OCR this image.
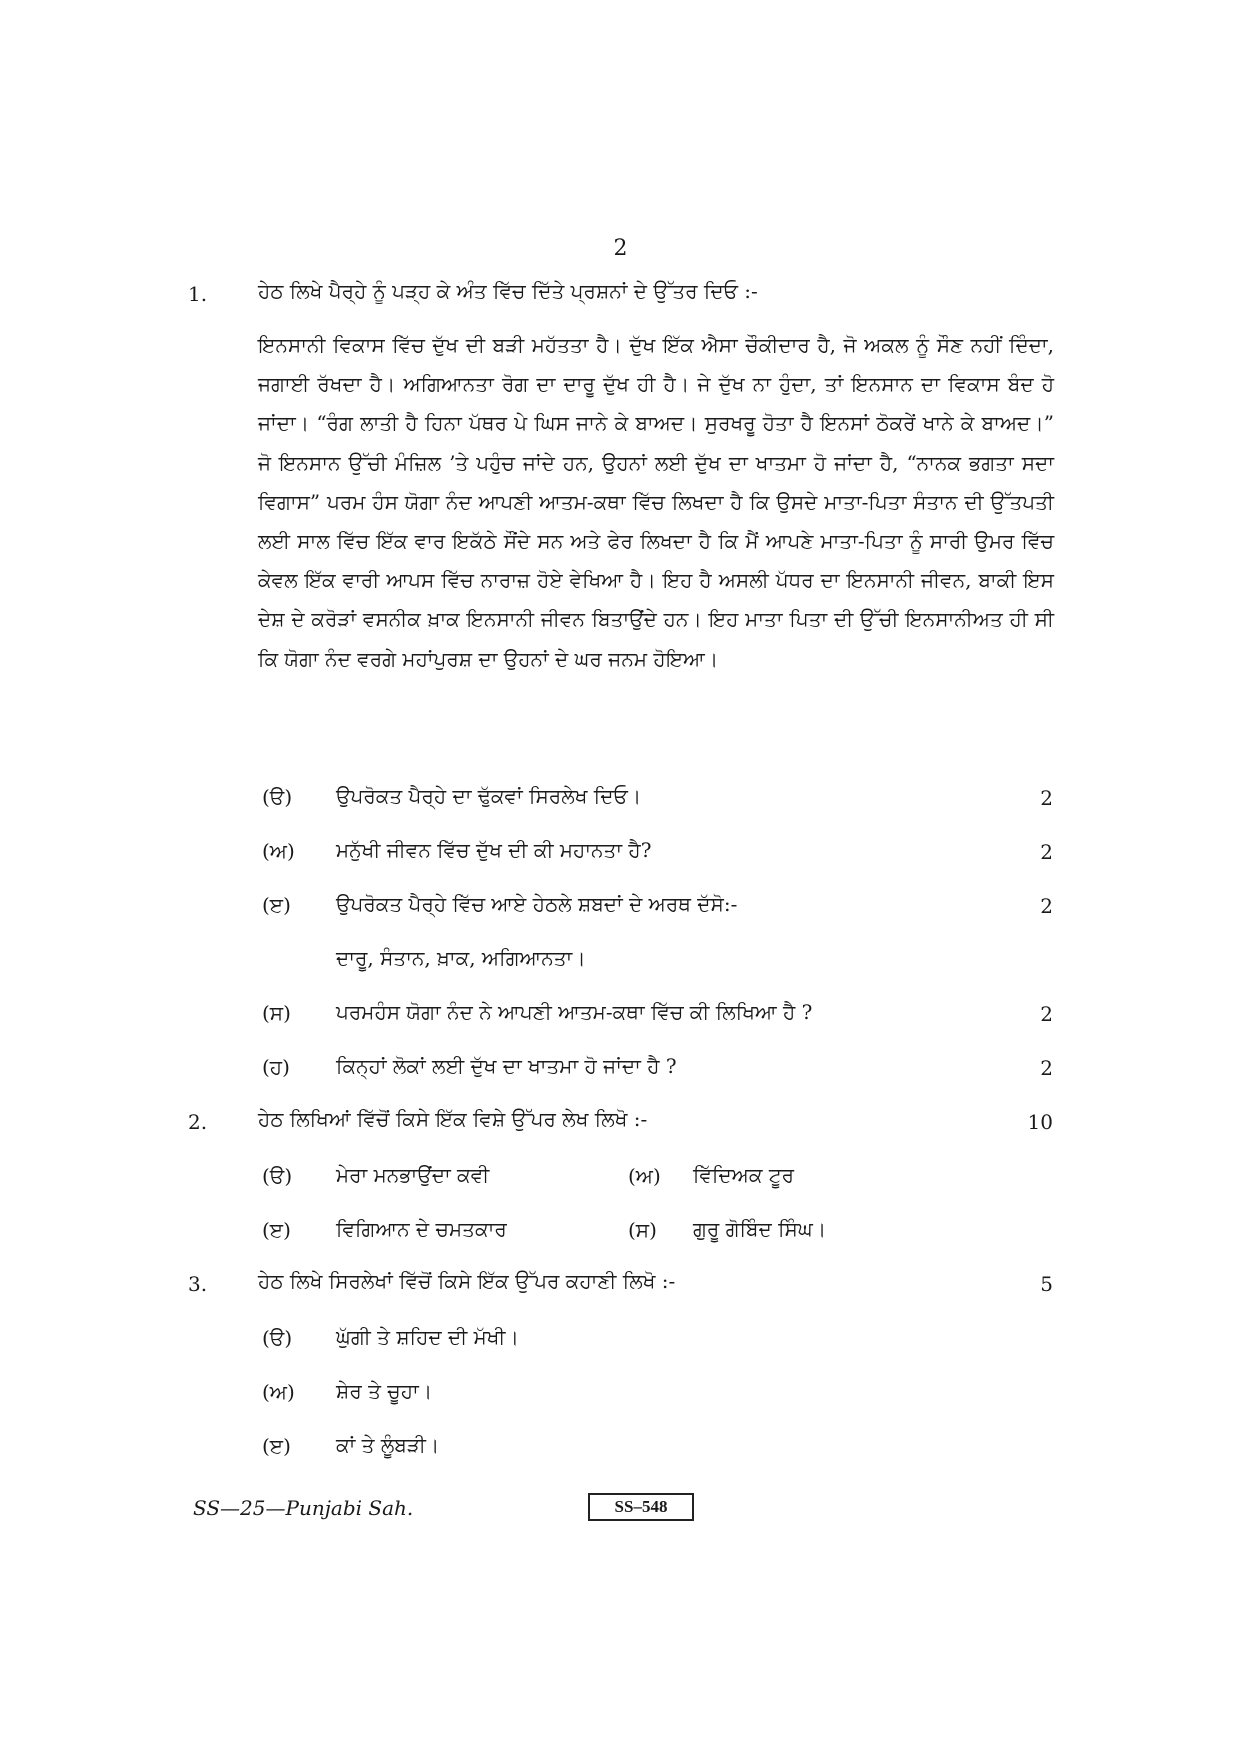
2
1.	ਹੇਠ ਲਿਖੇ ਪੈਰ੍ਹੇ ਨੂੰ ਪੜ੍ਹ ਕੇ ਅੰਤ ਵਿੱਚ ਦਿੱਤੇ ਪ੍ਰਸ਼ਨਾਂ ਦੇ ਉੱਤਰ ਦਿਓ :-

ਇਨਸਾਨੀ ਵਿਕਾਸ ਵਿੱਚ ਦੁੱਖ ਦੀ ਬੜੀ ਮਹੱਤਤਾ ਹੈ। ਦੁੱਖ ਇੱਕ ਐਸਾ ਚੌਕੀਦਾਰ ਹੈ, ਜੋ ਅਕਲ ਨੂੰ ਸੌਣ ਨਹੀਂ ਦਿੰਦਾ, ਜਗਾਈ ਰੱਖਦਾ ਹੈ। ਅਗਿਆਨਤਾ ਰੋਗ ਦਾ ਦਾਰੂ ਦੁੱਖ ਹੀ ਹੈ। ਜੇ ਦੁੱਖ ਨਾ ਹੁੰਦਾ, ਤਾਂ ਇਨਸਾਨ ਦਾ ਵਿਕਾਸ ਬੰਦ ਹੋ ਜਾਂਦਾ। “ਰੰਗ ਲਾਤੀ ਹੈ ਹਿਨਾ ਪੱਥਰ ਪੇ ਘਿਸ ਜਾਨੇ ਕੇ ਬਾਅਦ। ਸੁਰਖਰੂ ਹੋਤਾ ਹੈ ਇਨਸਾਂ ਠੋਕਰੇਂ ਖਾਨੇ ਕੇ ਬਾਅਦ।” ਜੋ ਇਨਸਾਨ ਉੱਚੀ ਮੰਜ਼ਿਲ ’ਤੇ ਪਹੁੰਚ ਜਾਂਦੇ ਹਨ, ਉਹਨਾਂ ਲਈ ਦੁੱਖ ਦਾ ਖਾਤਮਾ ਹੋ ਜਾਂਦਾ ਹੈ, “ਨਾਨਕ ਭਗਤਾ ਸਦਾ ਵਿਗਾਸ” ਪਰਮ ਹੰਸ ਯੋਗਾ ਨੰਦ ਆਪਣੀ ਆਤਮ-ਕਥਾ ਵਿੱਚ ਲਿਖਦਾ ਹੈ ਕਿ ਉਸਦੇ ਮਾਤਾ-ਪਿਤਾ ਸੰਤਾਨ ਦੀ ਉੱਤਪਤੀ ਲਈ ਸਾਲ ਵਿੱਚ ਇੱਕ ਵਾਰ ਇਕੱਠੇ ਸੌਂਦੇ ਸਨ ਅਤੇ ਫੇਰ ਲਿਖਦਾ ਹੈ ਕਿ ਮੈਂ ਆਪਣੇ ਮਾਤਾ-ਪਿਤਾ ਨੂੰ ਸਾਰੀ ਉਮਰ ਵਿੱਚ ਕੇਵਲ ਇੱਕ ਵਾਰੀ ਆਪਸ ਵਿੱਚ ਨਾਰਾਜ਼ ਹੋਏ ਵੇਖਿਆ ਹੈ। ਇਹ ਹੈ ਅਸਲੀ ਪੱਧਰ ਦਾ ਇਨਸਾਨੀ ਜੀਵਨ, ਬਾਕੀ ਇਸ ਦੇਸ਼ ਦੇ ਕਰੋੜਾਂ ਵਸਨੀਕ ਖ਼ਾਕ ਇਨਸਾਨੀ ਜੀਵਨ ਬਿਤਾਉਂਦੇ ਹਨ। ਇਹ ਮਾਤਾ ਪਿਤਾ ਦੀ ਉੱਚੀ ਇਨਸਾਨੀਅਤ ਹੀ ਸੀ ਕਿ ਯੋਗਾ ਨੰਦ ਵਰਗੇ ਮਹਾਂਪੁਰਸ਼ ਦਾ ਉਹਨਾਂ ਦੇ ਘਰ ਜਨਮ ਹੋਇਆ।

(ੳ) ਉਪਰੋਕਤ ਪੈਰ੍ਹੇ ਦਾ ਢੁੱਕਵਾਂ ਸਿਰਲੇਖ ਦਿਓ।	2
(ਅ) ਮਨੁੱਖੀ ਜੀਵਨ ਵਿੱਚ ਦੁੱਖ ਦੀ ਕੀ ਮਹਾਨਤਾ ਹੈ?	2
(ੲ) ਉਪਰੋਕਤ ਪੈਰ੍ਹੇ ਵਿੱਚ ਆਏ ਹੇਠਲੇ ਸ਼ਬਦਾਂ ਦੇ ਅਰਥ ਦੱਸੋ:-	2
ਦਾਰੂ, ਸੰਤਾਨ, ਖ਼ਾਕ, ਅਗਿਆਨਤਾ।
(ਸ) ਪਰਮਹੰਸ ਯੋਗਾ ਨੰਦ ਨੇ ਆਪਣੀ ਆਤਮ-ਕਥਾ ਵਿੱਚ ਕੀ ਲਿਖਿਆ ਹੈ ?	2
(ਹ) ਕਿਨ੍ਹਾਂ ਲੋਕਾਂ ਲਈ ਦੁੱਖ ਦਾ ਖਾਤਮਾ ਹੋ ਜਾਂਦਾ ਹੈ ?	2
2.	ਹੇਠ ਲਿਖਿਆਂ ਵਿੱਚੋਂ ਕਿਸੇ ਇੱਕ ਵਿਸ਼ੇ ਉੱਪਰ ਲੇਖ ਲਿਖੋ :-	10
(ੳ) ਮੇਰਾ ਮਨਭਾਉਂਦਾ ਕਵੀ	(ਅ) ਵਿੱਦਿਅਕ ਟੂਰ
(ੲ) ਵਿਗਿਆਨ ਦੇ ਚਮਤਕਾਰ	(ਸ) ਗੁਰੂ ਗੋਬਿੰਦ ਸਿੰਘ।
3.	ਹੇਠ ਲਿਖੇ ਸਿਰਲੇਖਾਂ ਵਿੱਚੋਂ ਕਿਸੇ ਇੱਕ ਉੱਪਰ ਕਹਾਣੀ ਲਿਖੋ :-	5
(ੳ) ਘੁੱਗੀ ਤੇ ਸ਼ਹਿਦ ਦੀ ਮੱਖੀ।
(ਅ) ਸ਼ੇਰ ਤੇ ਚੂਹਾ।
(ੲ) ਕਾਂ ਤੇ ਲੂੰਬੜੀ।
SS—25—Punjabi Sah.	SS–548
